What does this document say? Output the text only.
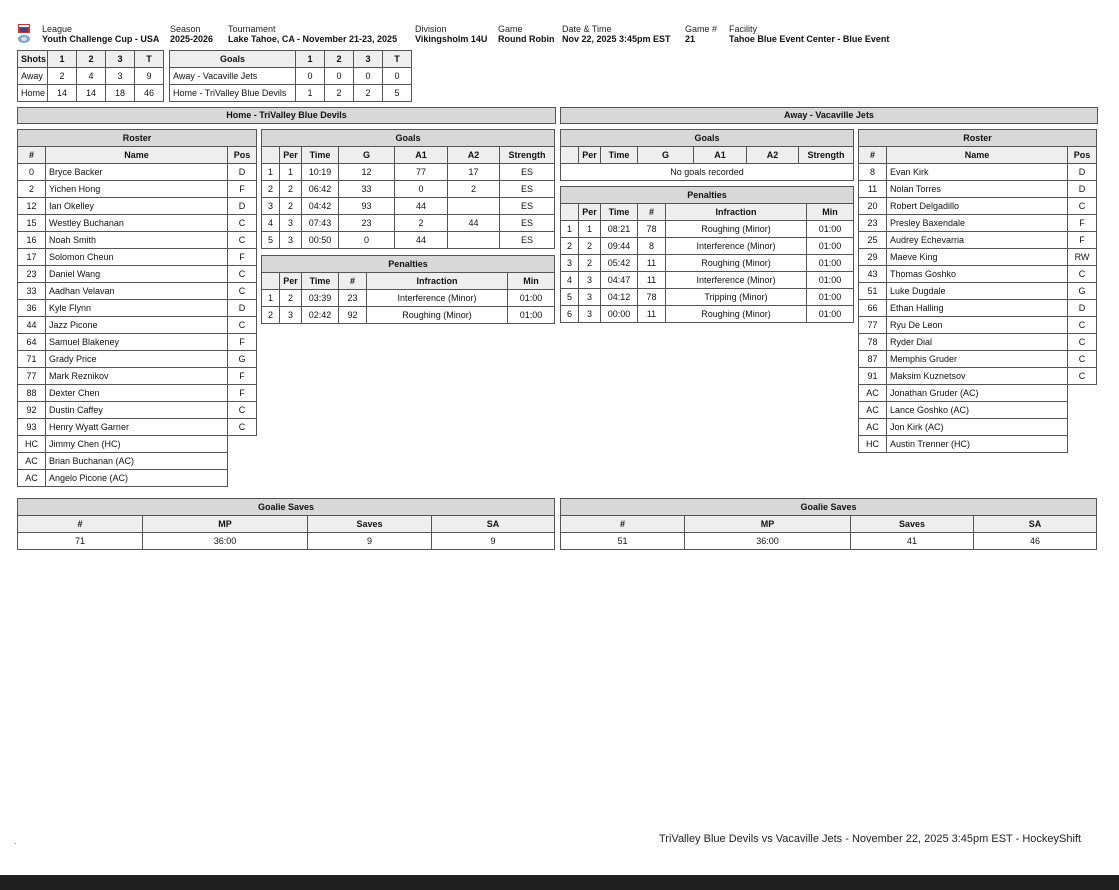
League
Youth Challenge Cup - USA
Season
2025-2026
Tournament
Lake Tahoe, CA - November 21-23, 2025
Division
Vikingsholm 14U
Game
Round Robin
Date & Time
Nov 22, 2025 3:45pm EST
Game #
21
Facility
Tahoe Blue Event Center - Blue Event
Shots	1	2	3	T
Away	2	4	3	9
Home	14	14	18	46
Goals	1	2	3	T
Away - Vacaville Jets	0	0	0	0
Home - TriValley Blue Devils	1	2	2	5
Home - TriValley Blue Devils	Away - Vacaville Jets
Roster		
#	Name	Pos
0	Bryce Backer	D
2	Yichen Hong	F
12	Ian Okelley	D
15	Westley Buchanan	C
16	Noah Smith	C
17	Solomon Cheun	F
23	Daniel Wang	C
33	Aadhan Velavan	C
36	Kyle Flynn	D
44	Jazz Picone	C
64	Samuel Blakeney	F
71	Grady Price	G
77	Mark Reznikov	F
88	Dexter Chen	F
92	Dustin Caffey	C
93	Henry Wyatt Garner	C
HC	Jimmy Chen (HC)	
AC	Brian Buchanan (AC)	
AC	Angelo Picone (AC)	
Goals						
	Per	Time	G	A1	A2	Strength
1	1	10:19	12	77	17	ES
2	2	06:42	33	0	2	ES
3	2	04:42	93	44		ES
4	3	07:43	23	2	44	ES
5	3	00:50	0	44		ES
Penalties					
	Per	Time	#	Infraction	Min
1	2	03:39	23	Interference (Minor)	01:00
2	3	02:42	92	Roughing (Minor)	01:00
Goals
	Per	Time	G	A1	A2	Strength
No goals recorded
Penalties					
	Per	Time	#	Infraction	Min
1	1	08:21	78	Roughing (Minor)	01:00
2	2	09:44	8	Interference (Minor)	01:00
3	2	05:42	11	Roughing (Minor)	01:00
4	3	04:47	11	Interference (Minor)	01:00
5	3	04:12	78	Tripping (Minor)	01:00
6	3	00:00	11	Roughing (Minor)	01:00
Roster		
#	Name	Pos
8	Evan Kirk	D
11	Nolan Torres	D
20	Robert Delgadillo	C
23	Presley Baxendale	F
25	Audrey Echevarria	F
29	Maeve King	RW
43	Thomas Goshko	C
51	Luke Dugdale	G
66	Ethan Halling	D
77	Ryu De Leon	C
78	Ryder Dial	C
87	Memphis Gruder	C
91	Maksim Kuznetsov	C
AC	Jonathan Gruder (AC)	
AC	Lance Goshko (AC)	
AC	Jon Kirk (AC)	
HC	Austin Trenner (HC)	
Goalie Saves			
#	MP	Saves	SA
71	36:00	9	9
Goalie Saves			
#	MP	Saves	SA
51	36:00	41	46
.	TriValley Blue Devils vs Vacaville Jets - November 22, 2025 3:45pm EST - HockeyShift
